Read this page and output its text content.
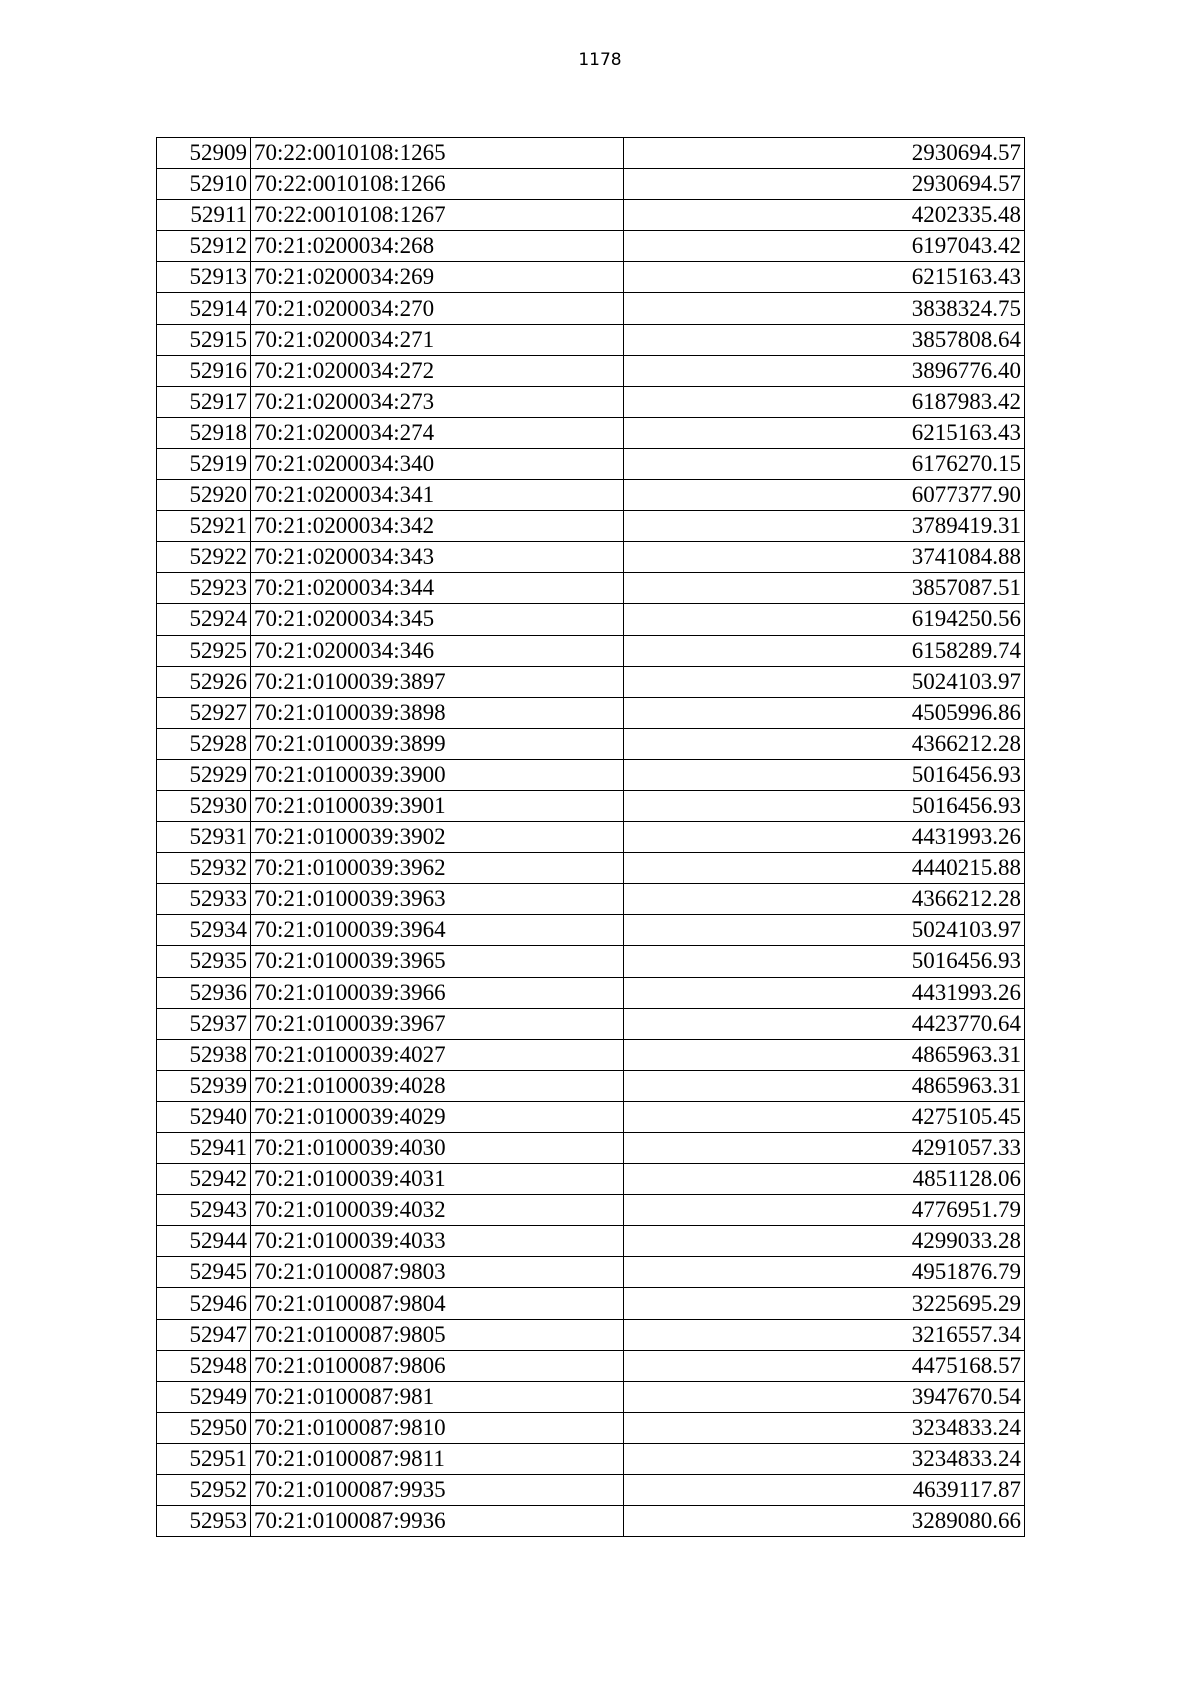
1178
52909	70:22:0010108:1265	2930694.57
52910	70:22:0010108:1266	2930694.57
52911	70:22:0010108:1267	4202335.48
52912	70:21:0200034:268	6197043.42
52913	70:21:0200034:269	6215163.43
52914	70:21:0200034:270	3838324.75
52915	70:21:0200034:271	3857808.64
52916	70:21:0200034:272	3896776.40
52917	70:21:0200034:273	6187983.42
52918	70:21:0200034:274	6215163.43
52919	70:21:0200034:340	6176270.15
52920	70:21:0200034:341	6077377.90
52921	70:21:0200034:342	3789419.31
52922	70:21:0200034:343	3741084.88
52923	70:21:0200034:344	3857087.51
52924	70:21:0200034:345	6194250.56
52925	70:21:0200034:346	6158289.74
52926	70:21:0100039:3897	5024103.97
52927	70:21:0100039:3898	4505996.86
52928	70:21:0100039:3899	4366212.28
52929	70:21:0100039:3900	5016456.93
52930	70:21:0100039:3901	5016456.93
52931	70:21:0100039:3902	4431993.26
52932	70:21:0100039:3962	4440215.88
52933	70:21:0100039:3963	4366212.28
52934	70:21:0100039:3964	5024103.97
52935	70:21:0100039:3965	5016456.93
52936	70:21:0100039:3966	4431993.26
52937	70:21:0100039:3967	4423770.64
52938	70:21:0100039:4027	4865963.31
52939	70:21:0100039:4028	4865963.31
52940	70:21:0100039:4029	4275105.45
52941	70:21:0100039:4030	4291057.33
52942	70:21:0100039:4031	4851128.06
52943	70:21:0100039:4032	4776951.79
52944	70:21:0100039:4033	4299033.28
52945	70:21:0100087:9803	4951876.79
52946	70:21:0100087:9804	3225695.29
52947	70:21:0100087:9805	3216557.34
52948	70:21:0100087:9806	4475168.57
52949	70:21:0100087:981	3947670.54
52950	70:21:0100087:9810	3234833.24
52951	70:21:0100087:9811	3234833.24
52952	70:21:0100087:9935	4639117.87
52953	70:21:0100087:9936	3289080.66
